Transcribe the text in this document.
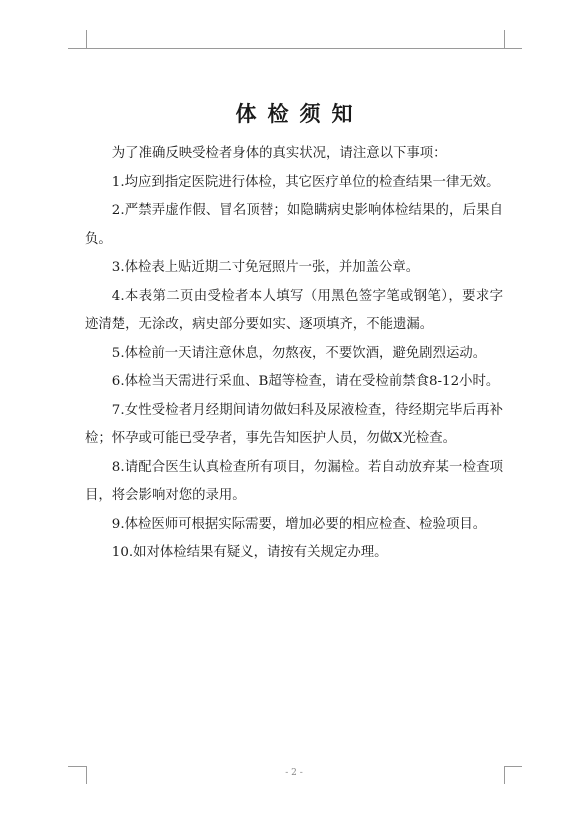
体检须知

为了准确反映受检者身体的真实状况，请注意以下事项：

1.均应到指定医院进行体检，其它医疗单位的检查结果一律无效。

2.严禁弄虚作假、冒名顶替；如隐瞒病史影响体检结果的，后果自负。

3.体检表上贴近期二寸免冠照片一张，并加盖公章。

4.本表第二页由受检者本人填写（用黑色签字笔或钢笔），要求字迹清楚，无涂改，病史部分要如实、逐项填齐，不能遗漏。

5.体检前一天请注意休息，勿熬夜，不要饮酒，避免剧烈运动。

6.体检当天需进行采血、B超等检查，请在受检前禁食8-12小时。

7.女性受检者月经期间请勿做妇科及尿液检查，待经期完毕后再补检；怀孕或可能已受孕者，事先告知医护人员，勿做X光检查。

8.请配合医生认真检查所有项目，勿漏检。若自动放弃某一检查项目，将会影响对您的录用。

9.体检医师可根据实际需要，增加必要的相应检查、检验项目。

10.如对体检结果有疑义，请按有关规定办理。

- 2 -
